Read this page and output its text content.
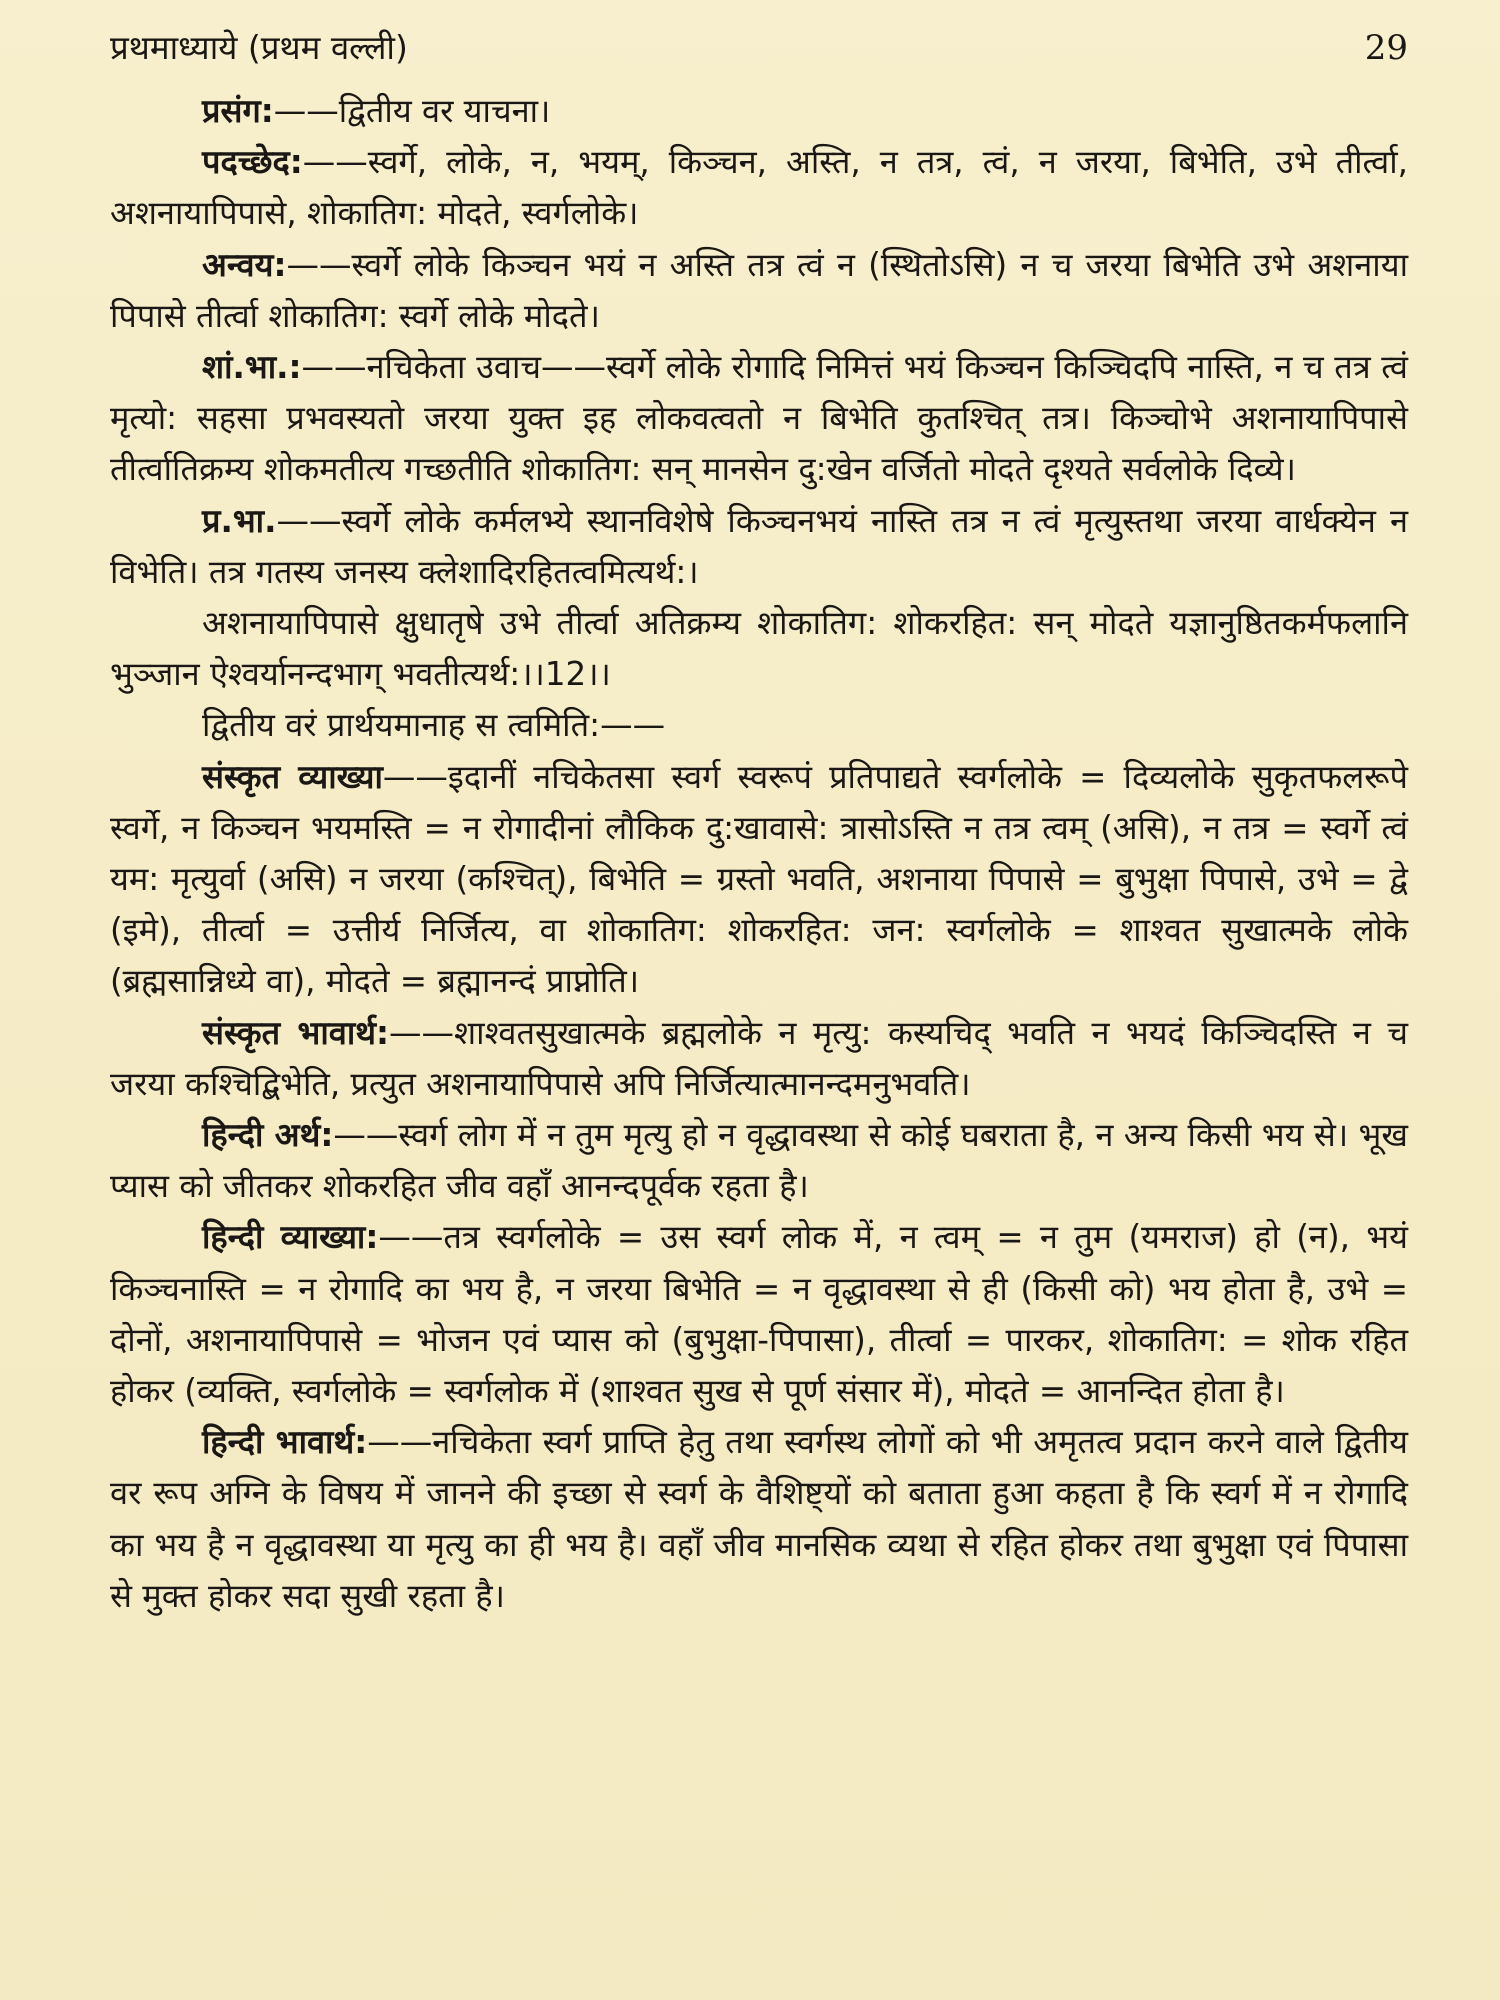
प्रथमाध्याये (प्रथम वल्ली)	29

प्रसंग:——द्वितीय वर याचना।

पदच्छेद:——स्वर्गे, लोके, न, भयम्, किञ्चन, अस्ति, न तत्र, त्वं, न जरया, बिभेति, उभे तीर्त्वा, अशनायापिपासे, शोकातिग: मोदते, स्वर्गलोके।

अन्वय:——स्वर्गे लोके किञ्चन भयं न अस्ति तत्र त्वं न (स्थितोऽसि) न च जरया बिभेति उभे अशनाया पिपासे तीर्त्वा शोकातिग: स्वर्गे लोके मोदते।

शां.भा.:——नचिकेता उवाच——स्वर्गे लोके रोगादि निमित्तं भयं किञ्चन किञ्चिदपि नास्ति, न च तत्र त्वं मृत्यो: सहसा प्रभवस्यतो जरया युक्त इह लोकवत्वतो न बिभेति कुतश्चित् तत्र। किञ्चोभे अशनायापिपासे तीर्त्वातिक्रम्य शोकमतीत्य गच्छतीति शोकातिग: सन् मानसेन दु:खेन वर्जितो मोदते दृश्यते सर्वलोके दिव्ये।

प्र.भा.——स्वर्गे लोके कर्मलभ्ये स्थानविशेषे किञ्चनभयं नास्ति तत्र न त्वं मृत्युस्तथा जरया वार्धक्येन न विभेति। तत्र गतस्य जनस्य क्लेशादिरहितत्वमित्यर्थ:।

अशनायापिपासे क्षुधातृषे उभे तीर्त्वा अतिक्रम्य शोकातिग: शोकरहित: सन् मोदते यज्ञानुष्ठितकर्मफलानि भुञ्जान ऐश्वर्यानन्दभाग् भवतीत्यर्थ:।।12।।

द्वितीय वरं प्रार्थयमानाह स त्वमिति:——

संस्कृत व्याख्या——इदानीं नचिकेतसा स्वर्ग स्वरूपं प्रतिपाद्यते स्वर्गलोके = दिव्यलोके सुकृतफलरूपे स्वर्गे, न किञ्चन भयमस्ति = न रोगादीनां लौकिक दु:खावासे: त्रासोऽस्ति न तत्र त्वम् (असि), न तत्र = स्वर्गे त्वं यम: मृत्युर्वा (असि) न जरया (कश्चित्), बिभेति = ग्रस्तो भवति, अशनाया पिपासे = बुभुक्षा पिपासे, उभे = द्वे (इमे), तीर्त्वा = उत्तीर्य निर्जित्य, वा शोकातिग: शोकरहित: जन: स्वर्गलोके = शाश्वत सुखात्मके लोके (ब्रह्मसान्निध्ये वा), मोदते = ब्रह्मानन्दं प्राप्नोति।

संस्कृत भावार्थ:——शाश्वतसुखात्मके ब्रह्मलोके न मृत्यु: कस्यचिद् भवति न भयदं किञ्चिदस्ति न च जरया कश्चिद्बिभेति, प्रत्युत अशनायापिपासे अपि निर्जित्यात्मानन्दमनुभवति।

हिन्दी अर्थ:——स्वर्ग लोग में न तुम मृत्यु हो न वृद्धावस्था से कोई घबराता है, न अन्य किसी भय से। भूख प्यास को जीतकर शोकरहित जीव वहाँ आनन्दपूर्वक रहता है।

हिन्दी व्याख्या:——तत्र स्वर्गलोके = उस स्वर्ग लोक में, न त्वम् = न तुम (यमराज) हो (न), भयं किञ्चनास्ति = न रोगादि का भय है, न जरया बिभेति = न वृद्धावस्था से ही (किसी को) भय होता है, उभे = दोनों, अशनायापिपासे = भोजन एवं प्यास को (बुभुक्षा-पिपासा), तीर्त्वा = पारकर, शोकातिग: = शोक रहित होकर (व्यक्ति, स्वर्गलोके = स्वर्गलोक में (शाश्वत सुख से पूर्ण संसार में), मोदते = आनन्दित होता है।

हिन्दी भावार्थ:——नचिकेता स्वर्ग प्राप्ति हेतु तथा स्वर्गस्थ लोगों को भी अमृतत्व प्रदान करने वाले द्वितीय वर रूप अग्नि के विषय में जानने की इच्छा से स्वर्ग के वैशिष्ट्यों को बताता हुआ कहता है कि स्वर्ग में न रोगादि का भय है न वृद्धावस्था या मृत्यु का ही भय है। वहाँ जीव मानसिक व्यथा से रहित होकर तथा बुभुक्षा एवं पिपासा से मुक्त होकर सदा सुखी रहता है।
